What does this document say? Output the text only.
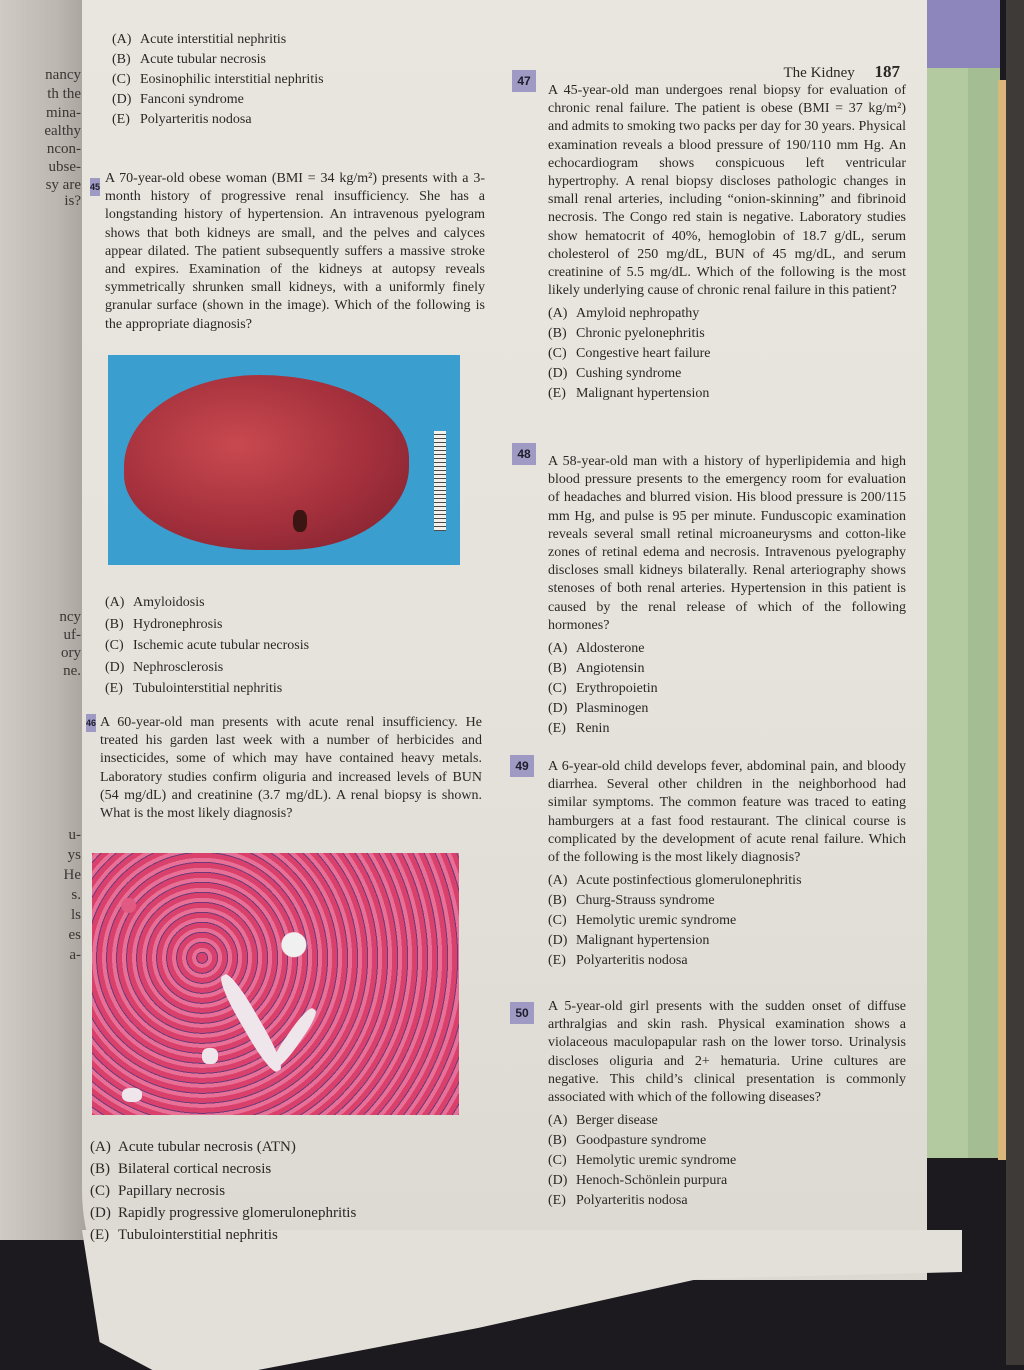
nancy
th the
mina-
ealthy
ncon-
ubse-
sy are
is?
ncy
uf-
ory
ne.
u-
ys
He
s.
ls
es
a-
The Kidney 187
(A) Acute interstitial nephritis
(B) Acute tubular necrosis
(C) Eosinophilic interstitial nephritis
(D) Fanconi syndrome
(E) Polyarteritis nodosa
45
A 70-year-old obese woman (BMI = 34 kg/m²) presents with a 3-month history of progressive renal insufficiency. She has a longstanding history of hypertension. An intravenous pyelogram shows that both kidneys are small, and the pelves and calyces appear dilated. The patient subsequently suffers a massive stroke and expires. Examination of the kidneys at autopsy reveals symmetrically shrunken small kidneys, with a uniformly finely granular surface (shown in the image). Which of the following is the appropriate diagnosis?
(A) Amyloidosis
(B) Hydronephrosis
(C) Ischemic acute tubular necrosis
(D) Nephrosclerosis
(E) Tubulointerstitial nephritis
46 A 60-year-old man presents with acute renal insufficiency. He treated his garden last week with a number of herbicides and insecticides, some of which may have contained heavy metals. Laboratory studies confirm oliguria and increased levels of BUN (54 mg/dL) and creatinine (3.7 mg/dL). A renal biopsy is shown. What is the most likely diagnosis?
(A) Acute tubular necrosis (ATN)
(B) Bilateral cortical necrosis
(C) Papillary necrosis
(D) Rapidly progressive glomerulonephritis
(E) Tubulointerstitial nephritis
47
A 45-year-old man undergoes renal biopsy for evaluation of chronic renal failure. The patient is obese (BMI = 37 kg/m²) and admits to smoking two packs per day for 30 years. Physical examination reveals a blood pressure of 190/110 mm Hg. An echocardiogram shows conspicuous left ventricular hypertrophy. A renal biopsy discloses pathologic changes in small renal arteries, including “onion-skinning” and fibrinoid necrosis. The Congo red stain is negative. Laboratory studies show hematocrit of 40%, hemoglobin of 18.7 g/dL, serum cholesterol of 250 mg/dL, BUN of 45 mg/dL, and serum creatinine of 5.5 mg/dL. Which of the following is the most likely underlying cause of chronic renal failure in this patient?
(A) Amyloid nephropathy
(B) Chronic pyelonephritis
(C) Congestive heart failure
(D) Cushing syndrome
(E) Malignant hypertension
48	A 58-year-old man with a history of hyperlipidemia and high blood pressure presents to the emergency room for evaluation of headaches and blurred vision. His blood pressure is 200/115 mm Hg, and pulse is 95 per minute. Funduscopic examination reveals several small retinal microaneurysms and cotton-like zones of retinal edema and necrosis. Intravenous pyelography discloses small kidneys bilaterally. Renal arteriography shows stenoses of both renal arteries. Hypertension in this patient is caused by the renal release of which of the following hormones?
(A) Aldosterone
(B) Angiotensin
(C) Erythropoietin
(D) Plasminogen
(E) Renin
49	A 6-year-old child develops fever, abdominal pain, and bloody diarrhea. Several other children in the neighborhood had similar symptoms. The common feature was traced to eating hamburgers at a fast food restaurant. The clinical course is complicated by the development of acute renal failure. Which of the following is the most likely diagnosis?
(A) Acute postinfectious glomerulonephritis
(B) Churg-Strauss syndrome
(C) Hemolytic uremic syndrome
(D) Malignant hypertension
(E) Polyarteritis nodosa
50	A 5-year-old girl presents with the sudden onset of diffuse arthralgias and skin rash. Physical examination shows a violaceous maculopapular rash on the lower torso. Urinalysis discloses oliguria and 2+ hematuria. Urine cultures are negative. This child’s clinical presentation is commonly associated with which of the following diseases?
(A) Berger disease
(B) Goodpasture syndrome
(C) Hemolytic uremic syndrome
(D) Henoch-Schönlein purpura
(E) Polyarteritis nodosa
